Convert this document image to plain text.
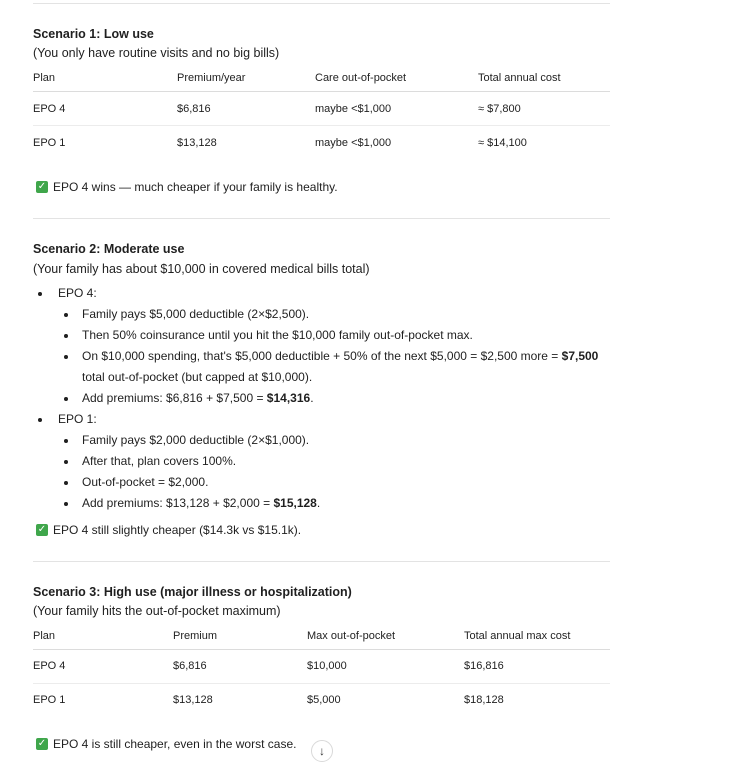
Scenario 1: Low use
(You only have routine visits and no big bills)
Plan	Premium/year	Care out-of-pocket	Total annual cost
EPO 4	$6,816	maybe <$1,000	≈ $7,800
EPO 1	$13,128	maybe <$1,000	≈ $14,100
✓ EPO 4 wins — much cheaper if your family is healthy.
Scenario 2: Moderate use
(Your family has about $10,000 in covered medical bills total)
EPO 4:
Family pays $5,000 deductible (2×$2,500).
Then 50% coinsurance until you hit the $10,000 family out-of-pocket max.
On $10,000 spending, that's $5,000 deductible + 50% of the next $5,000 = $2,500 more = $7,500
total out-of-pocket (but capped at $10,000).
Add premiums: $6,816 + $7,500 = $14,316.
EPO 1:
Family pays $2,000 deductible (2×$1,000).
After that, plan covers 100%.
Out-of-pocket = $2,000.
Add premiums: $13,128 + $2,000 = $15,128.
✓ EPO 4 still slightly cheaper ($14.3k vs $15.1k).
Scenario 3: High use (major illness or hospitalization)
(Your family hits the out-of-pocket maximum)
Plan	Premium	Max out-of-pocket	Total annual max cost
EPO 4	$6,816	$10,000	$16,816
EPO 1	$13,128	$5,000	$18,128
✓ EPO 4 is still cheaper, even in the worst case. ↓
